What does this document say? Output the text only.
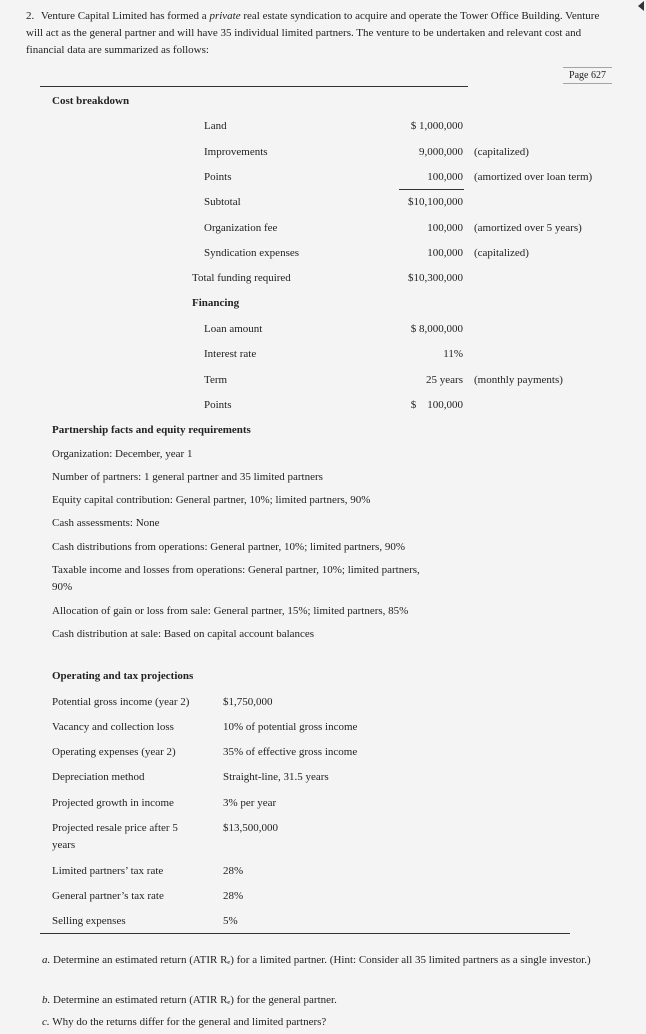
2. Venture Capital Limited has formed a private real estate syndication to acquire and operate the Tower Office Building. Venture will act as the general partner and will have 35 individual limited partners. The venture to be undertaken and relevant cost and financial data are summarized as follows:
Page 627
Cost breakdown
Land	$ 1,000,000
Improvements	9,000,000 (capitalized)
Points	100,000 (amortized over loan term)
Subtotal	$10,100,000
Organization fee	100,000 (amortized over 5 years)
Syndication expenses	100,000 (capitalized)
Total funding required	$10,300,000
Financing
Loan amount	$ 8,000,000
Interest rate	11%
Term	25 years (monthly payments)
Points	$    100,000
Partnership facts and equity requirements
Organization: December, year 1
Number of partners: 1 general partner and 35 limited partners
Equity capital contribution: General partner, 10%; limited partners, 90%
Cash assessments: None
Cash distributions from operations: General partner, 10%; limited partners, 90%
Taxable income and losses from operations: General partner, 10%; limited partners,
90%
Allocation of gain or loss from sale: General partner, 15%; limited partners, 85%
Cash distribution at sale: Based on capital account balances
Operating and tax projections
Potential gross income (year 2)	$1,750,000
Vacancy and collection loss	10% of potential gross income
Operating expenses (year 2)	35% of effective gross income
Depreciation method	Straight-line, 31.5 years
Projected growth in income	3% per year
Projected resale price after 5	$13,500,000
years
Limited partners’ tax rate	28%
General partner’s tax rate	28%
Selling expenses	5%
a. Determine an estimated return (ATIR Rₑ) for a limited partner. (Hint: Consider all 35 limited partners as a single investor.)
b. Determine an estimated return (ATIR Rₑ) for the general partner.
c. Why do the returns differ for the general and limited partners?
